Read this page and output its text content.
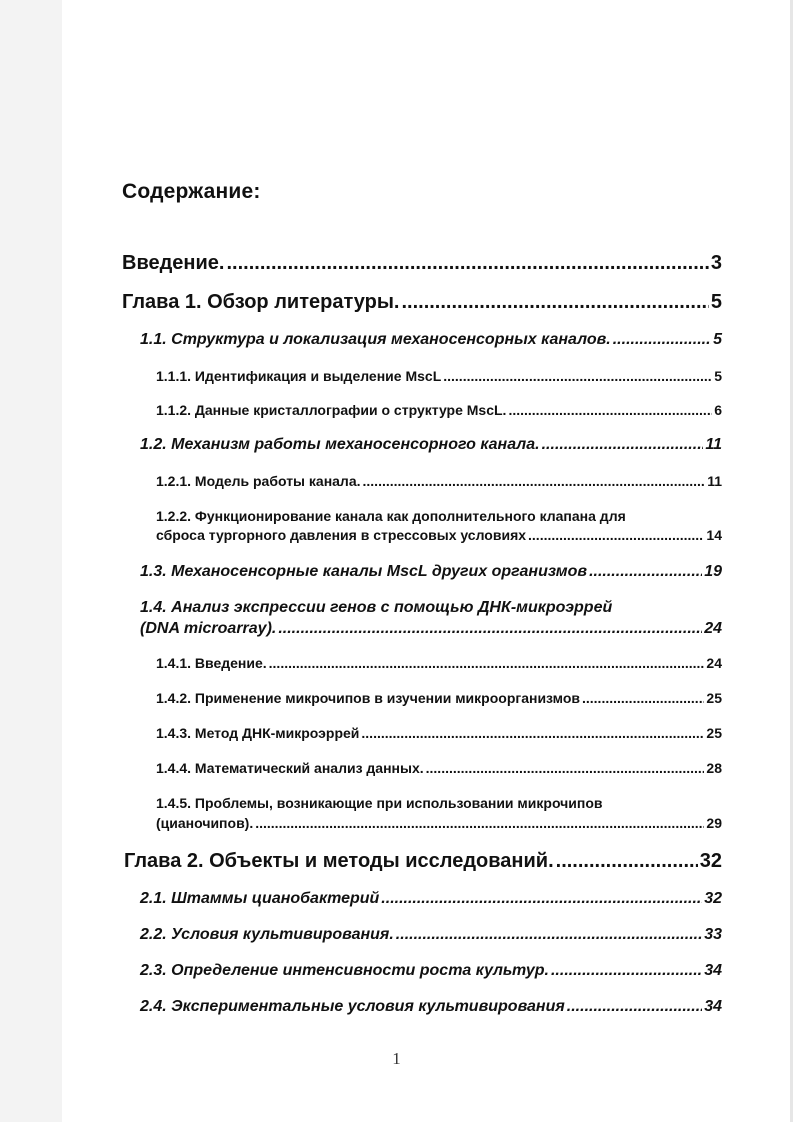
Содержание:
Введение. .....	3
Глава 1. Обзор литературы. .....	5
1.1. Структура и локализация механосенсорных каналов. .....	5
1.1.1. Идентификация и выделение MscL .....	5
1.1.2. Данные кристаллографии о структуре MscL. .....	6
1.2. Механизм работы механосенсорного канала. .....	11
1.2.1. Модель работы канала. .....	11
1.2.2. Функционирование канала как дополнительного клапана для
сброса тургорного давления в стрессовых условиях .....	14
1.3. Механосенсорные каналы MscL других организмов .....	19
1.4. Анализ экспрессии генов с помощью ДНК-микроэррей
(DNA microarray). .....	24
1.4.1. Введение. .....	24
1.4.2. Применение микрочипов в изучении микроорганизмов .....	25
1.4.3. Метод ДНК-микроэррей .....	25
1.4.4. Математический анализ данных. .....	28
1.4.5. Проблемы, возникающие при использовании микрочипов
(цианочипов). .....	29
Глава 2. Объекты и методы исследований. .....	32
2.1. Штаммы цианобактерий .....	32
2.2. Условия культивирования. .....	33
2.3. Определение интенсивности роста культур. .....	34
2.4. Экспериментальные условия культивирования .....	34
1
